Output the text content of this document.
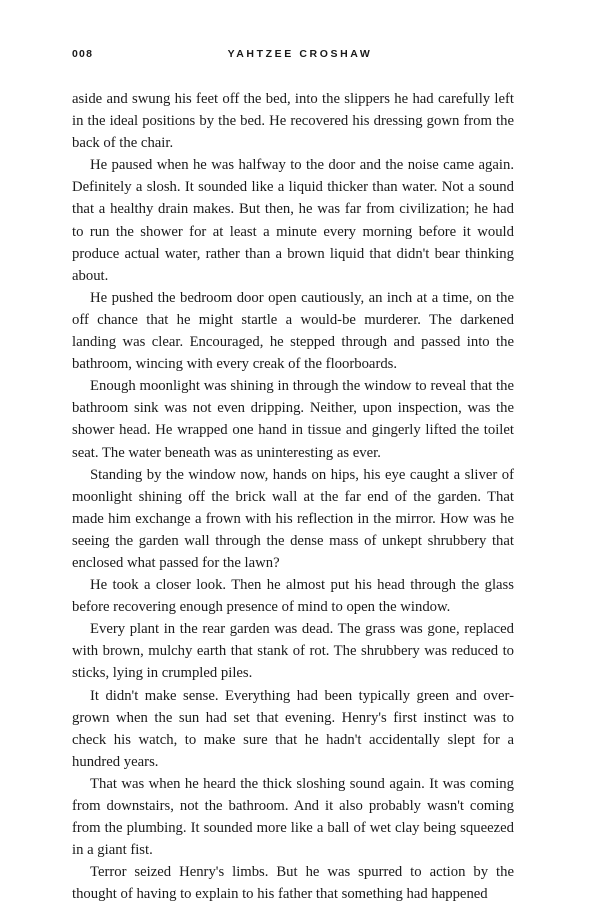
008	YAHTZEE CROSHAW

aside and swung his feet off the bed, into the slippers he had carefully left in the ideal positions by the bed. He recovered his dressing gown from the back of the chair.

He paused when he was halfway to the door and the noise came again. Definitely a slosh. It sounded like a liquid thicker than water. Not a sound that a healthy drain makes. But then, he was far from civilization; he had to run the shower for at least a minute every morning before it would produce actual water, rather than a brown liquid that didn't bear thinking about.

He pushed the bedroom door open cautiously, an inch at a time, on the off chance that he might startle a would-be murderer. The darkened landing was clear. Encouraged, he stepped through and passed into the bathroom, wincing with every creak of the floorboards.

Enough moonlight was shining in through the window to reveal that the bathroom sink was not even dripping. Neither, upon inspection, was the shower head. He wrapped one hand in tissue and gingerly lifted the toilet seat. The water beneath was as uninteresting as ever.

Standing by the window now, hands on hips, his eye caught a sliver of moonlight shining off the brick wall at the far end of the garden. That made him exchange a frown with his reflection in the mirror. How was he seeing the garden wall through the dense mass of unkept shrubbery that enclosed what passed for the lawn?

He took a closer look. Then he almost put his head through the glass before recovering enough presence of mind to open the window.

Every plant in the rear garden was dead. The grass was gone, replaced with brown, mulchy earth that stank of rot. The shrubbery was reduced to sticks, lying in crumpled piles.

It didn't make sense. Everything had been typically green and over-grown when the sun had set that evening. Henry's first instinct was to check his watch, to make sure that he hadn't accidentally slept for a hundred years.

That was when he heard the thick sloshing sound again. It was coming from downstairs, not the bathroom. And it also probably wasn't coming from the plumbing. It sounded more like a ball of wet clay being squeezed in a giant fist.

Terror seized Henry's limbs. But he was spurred to action by the thought of having to explain to his father that something had happened
